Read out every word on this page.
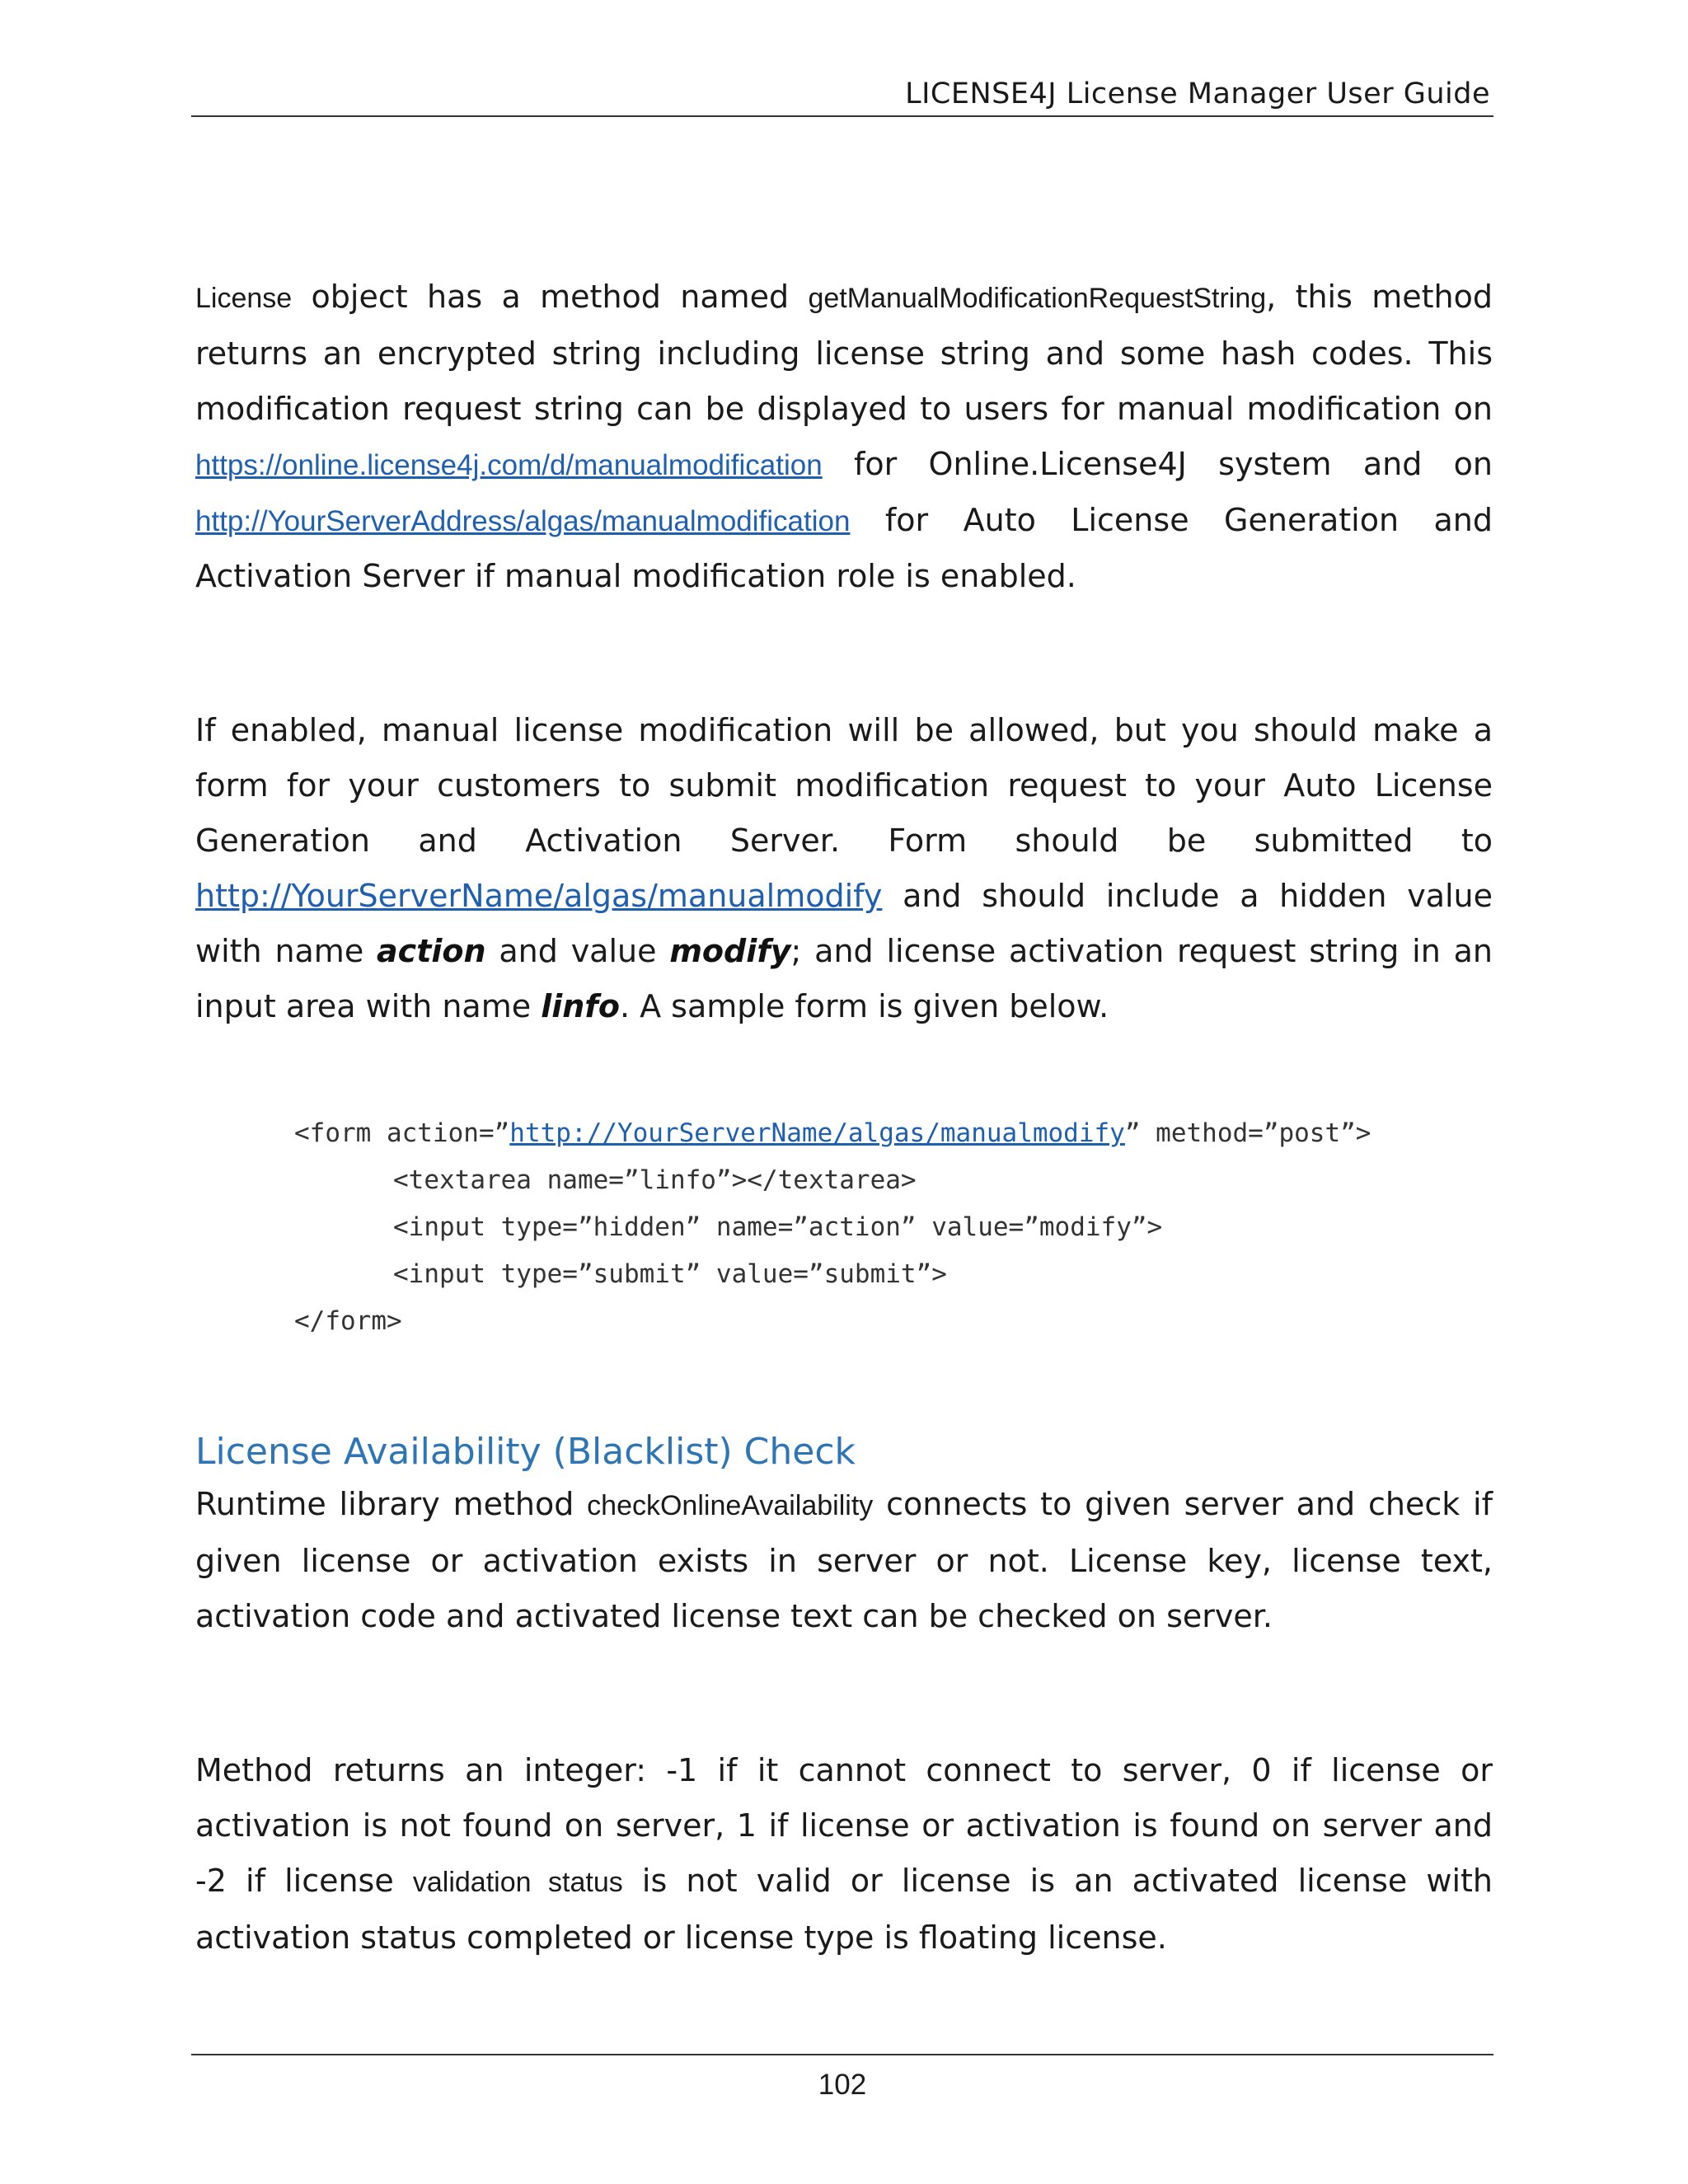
LICENSE4J License Manager User Guide

License object has a method named getManualModificationRequestString, this method returns an encrypted string including license string and some hash codes. This modification request string can be displayed to users for manual modification on https://online.license4j.com/d/manualmodification for Online.License4J system and on http://YourServerAddress/algas/manualmodification for Auto License Generation and Activation Server if manual modification role is enabled.

If enabled, manual license modification will be allowed, but you should make a form for your customers to submit modification request to your Auto License Generation and Activation Server. Form should be submitted to http://YourServerName/algas/manualmodify and should include a hidden value with name action and value modify; and license activation request string in an input area with name linfo. A sample form is given below.

<form action=”http://YourServerName/algas/manualmodify” method=”post”>
<textarea name=”linfo”></textarea>
<input type=”hidden” name=”action” value=”modify”>
<input type=”submit” value=”submit”>
</form>
License Availability (Blacklist) Check

Runtime library method checkOnlineAvailability connects to given server and check if given license or activation exists in server or not. License key, license text, activation code and activated license text can be checked on server.

Method returns an integer: -1 if it cannot connect to server, 0 if license or activation is not found on server, 1 if license or activation is found on server and -2 if license validation status is not valid or license is an activated license with activation status completed or license type is floating license.

102
